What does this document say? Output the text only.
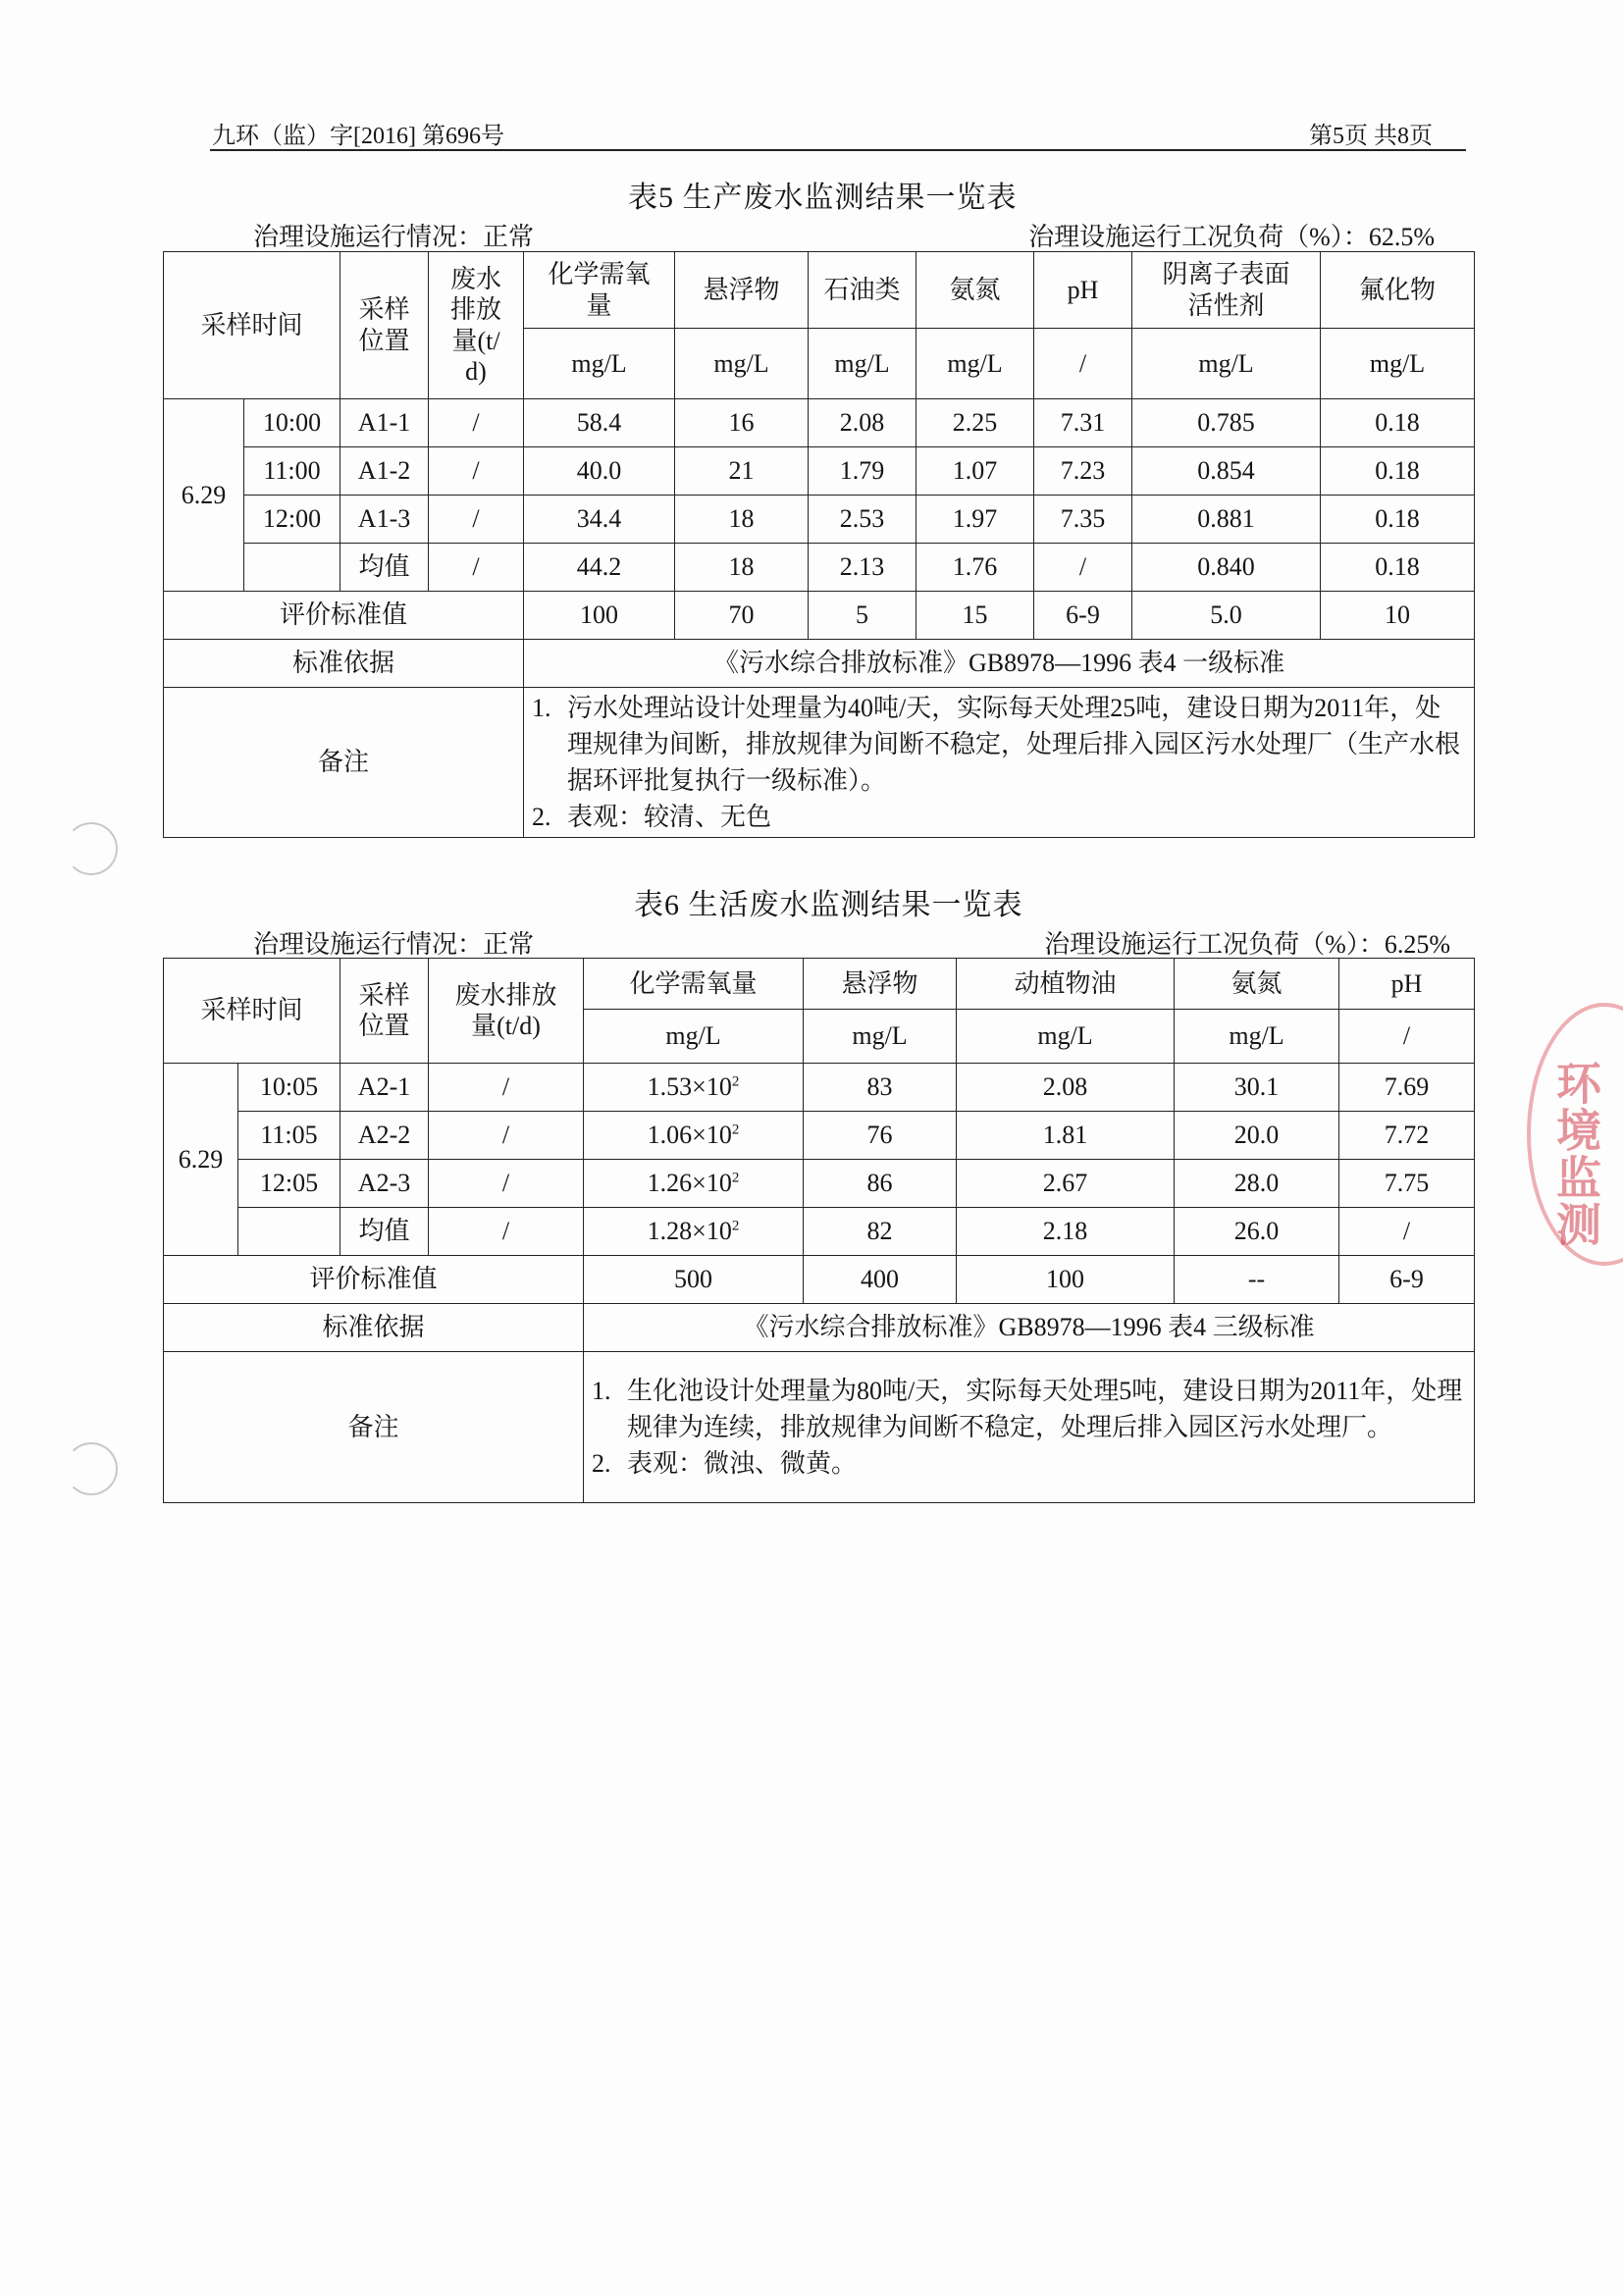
九环（监）字[2016] 第696号	第5页 共8页
表5 生产废水监测结果一览表
治理设施运行情况：正常	治理设施运行工况负荷（%）：62.5%
采样时间		采样位置	废水排放量(t/d)	化学需氧量	悬浮物	石油类	氨氮	pH	阴离子表面活性剂	氟化物
				mg/L	mg/L	mg/L	mg/L	/	mg/L	mg/L
6.29	10:00	A1-1	/	58.4	16	2.08	2.25	7.31	0.785	0.18
	11:00	A1-2	/	40.0	21	1.79	1.07	7.23	0.854	0.18
	12:00	A1-3	/	34.4	18	2.53	1.97	7.35	0.881	0.18
		均值	/	44.2	18	2.13	1.76	/	0.840	0.18
评价标准值				100	70	5	15	6-9	5.0	10
标准依据				《污水综合排放标准》GB8978—1996 表4 一级标准						
备注				1. 污水处理站设计处理量为40吨/天，实际每天处理25吨，建设日期为2011年，处理规律为间断，排放规律为间断不稳定，处理后排入园区污水处理厂（生产水根据环评批复执行一级标准）。
2. 表观：较清、无色						
表6 生活废水监测结果一览表
治理设施运行情况：正常	治理设施运行工况负荷（%）：6.25%
采样时间		采样位置	废水排放量(t/d)	化学需氧量	悬浮物	动植物油	氨氮	pH
				mg/L	mg/L	mg/L	mg/L	/
6.29	10:05	A2-1	/	$1.53\times 10^2$	83	2.08	30.1	7.69
	11:05	A2-2	/	$1.06\times 10^2$	76	1.81	20.0	7.72
	12:05	A2-3	/	$1.26\times 10^2$	86	2.67	28.0	7.75
		均值	/	$1.28\times 10^2$	82	2.18	26.0	/
评价标准值				500	400	100	--	6-9
标准依据				《污水综合排放标准》GB8978—1996 表4 三级标准				
备注				1. 生化池设计处理量为80吨/天，实际每天处理5吨，建设日期为2011年，处理规律为连续，排放规律为间断不稳定，处理后排入园区污水处理厂。
2. 表观：微浊、微黄。				
环境监测
